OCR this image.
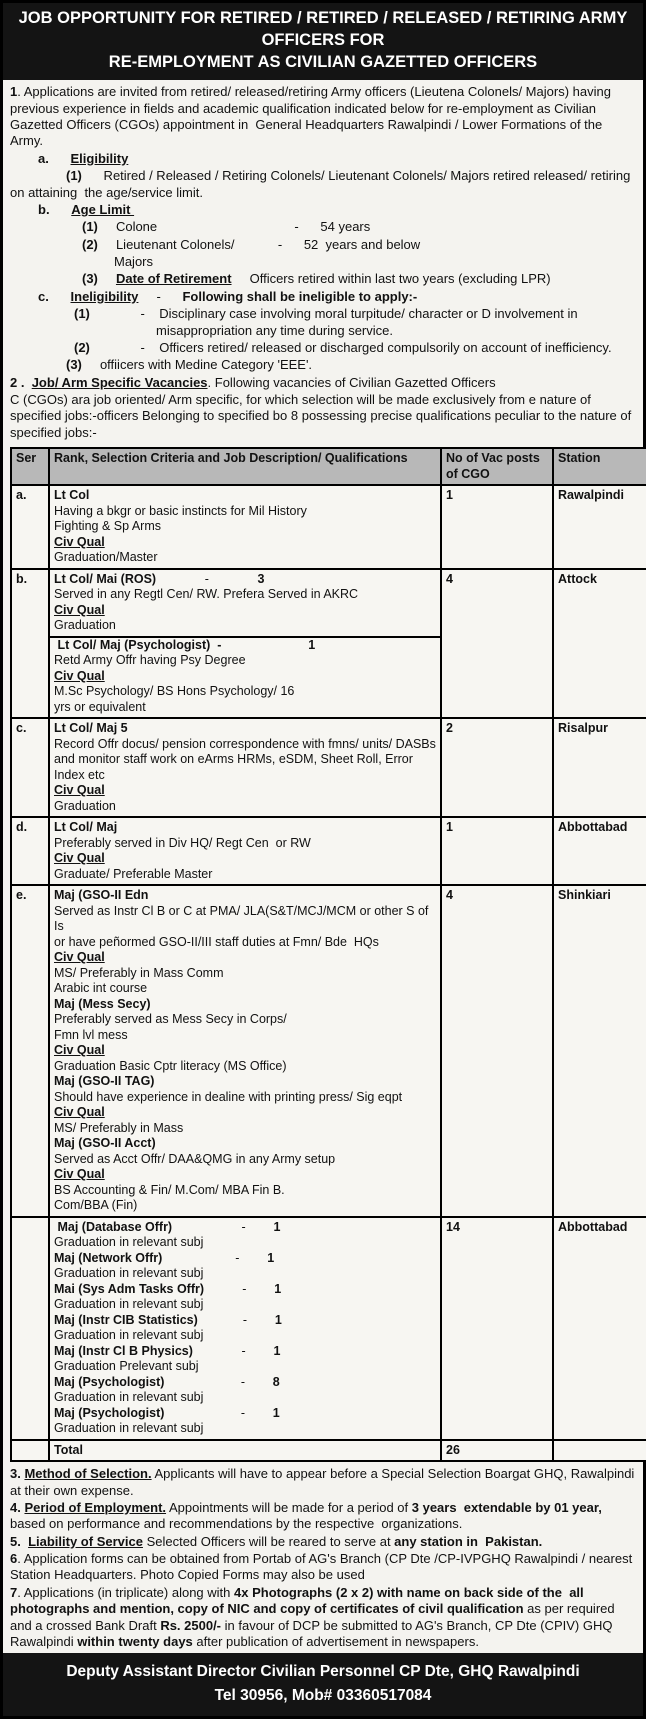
JOB OPPORTUNITY FOR RETIRED / RETIRED / RELEASED / RETIRING ARMY OFFICERS FOR
RE-EMPLOYMENT AS CIVILIAN GAZETTED OFFICERS

1. Applications are invited from retired/ released/retiring Army officers (Lieutena Colonels/ Majors) having previous experience in fields and academic qualification indicated below for re-employment as Civilian Gazetted Officers (CGOs) appointment in  General Headquarters Rawalpindi / Lower Formations of the Army.

a. Eligibility

(1)      Retired / Released / Retiring Colonels/ Lieutenant Colonels/ Majors retired released/ retiring on attaining  the age/service limit.

b. Age Limit

(1)     Colone                                      -      54 years

(2)     Lieutenant Colonels/            -      52  years and below

Majors

(3) Date of Retirement     Officers retired within last two years (excluding LPR)

c. Ineligibility     -      Following shall be ineligible to apply:-

(1)              -    Disciplinary case involving moral turpitude/ character or D involvement in misappropriation any time during service.

(2)              -    Officers retired/ released or discharged compulsorily on account of inefficiency.

(3)     offiicers with Medine Category 'EEE'.

2 . Job/ Arm Specific Vacancies. Following vacancies of Civilian Gazetted Officers

C (CGOs) ara job oriented/ Arm specific, for which selection will be made exclusively from e nature of specified jobs:-officers Belonging to specified bo 8 possessing precise qualifications peculiar to the nature of specified jobs:-

Ser	Rank, Selection Criteria and Job Description/ Qualifications	No of Vac posts of CGO	Station
a.	Lt Col
Having a bkgr or basic instincts for Mil History
Fighting & Sp Arms
Civ Qual
Graduation/Master	1	Rawalpindi
b.	Lt Col/ Mai (ROS)              -              3
Served in any Regtl Cen/ RW. Prefera Served in AKRC
Civ Qual
Graduation
Lt Col/ Maj (Psychologist)  -	1
Retd Army Offr having Psy Degree
Civ Qual
M.Sc Psychology/ BS Hons Psychology/ 16
yrs or equivalent
	4	Attock
c.	Lt Col/ Maj 5
Record Offr docus/ pension correspondence with fmns/ units/ DASBs and monitor staff work on eArms HRMs, eSDM, Sheet Roll, Error Index etc
Civ Qual
Graduation	2	Risalpur
d.	Lt Col/ Maj
Preferably served in Div HQ/ Regt Cen  or RW
Civ Qual
Graduate/ Preferable Master	1	Abbottabad
e.	Maj (GSO-II Edn
Served as Instr Cl B or C at PMA/ JLA(S&T/MCJ/MCM or other S of Is
or have peñormed GSO-II/III staff duties at Fmn/ Bde  HQs
Civ Qual
MS/ Preferably in Mass Comm
Arabic int course
Maj (Mess Secy)
Preferably served as Mess Secy in Corps/
Fmn lvl mess
Civ Qual
Graduation Basic Cptr literacy (MS Office)
Maj (GSO-II TAG)
Should have experience in dealine with printing press/ Sig eqpt
Civ Qual
MS/ Preferably in Mass
Maj (GSO-II Acct)
Served as Acct Offr/ DAA&QMG in any Army setup
Civ Qual
BS Accounting & Fin/ M.Com/ MBA Fin B.
Com/BBA (Fin)
	4	Shinkiari

Maj (Database Offr)                    -        1
Graduation in relevant subj
Maj (Network Offr)                     -        1
Graduation in relevant subj
Mai (Sys Adm Tasks Offr)           -        1
Graduation in relevant subj
Maj (Instr CIB Statistics)             -        1
Graduation in relevant subj
Maj (Instr Cl B Physics)              -        1
Graduation Prelevant subj
Maj (Psychologist)                      -        8
Graduation in relevant subj
Maj (Psychologist)                      -        1
Graduation in relevant subj
	14	Abbottabad

	Total	26	

3. Method of Selection. Applicants will have to appear before a Special Selection Boargat GHQ, Rawalpindi at their own expense.

4. Period of Employment. Appointments will be made for a period of 3 years  extendable by 01 year, based on performance and recommendations by the respective  organizations.

5.  Liability of Service Selected Officers will be reared to serve at any station in  Pakistan.

6. Application forms can be obtained from Portab of AG's Branch (CP Dte /CP-IVPGHQ Rawalpindi / nearest Station Headquarters. Photo Copied Forms may also be used

7. Applications (in triplicate) along with 4x Photographs (2 x 2) with name on back side of the  all photographs and mention, copy of NIC and copy of certificates of civil qualification as per required and a crossed Bank Draft Rs. 2500/- in favour of DCP be submitted to AG's Branch, CP Dte (CPIV) GHQ Rawalpindi within twenty days after publication of advertisement in newspapers.

Deputy Assistant Director Civilian Personnel CP Dte, GHQ Rawalpindi
Tel 30956, Mob# 03360517084
